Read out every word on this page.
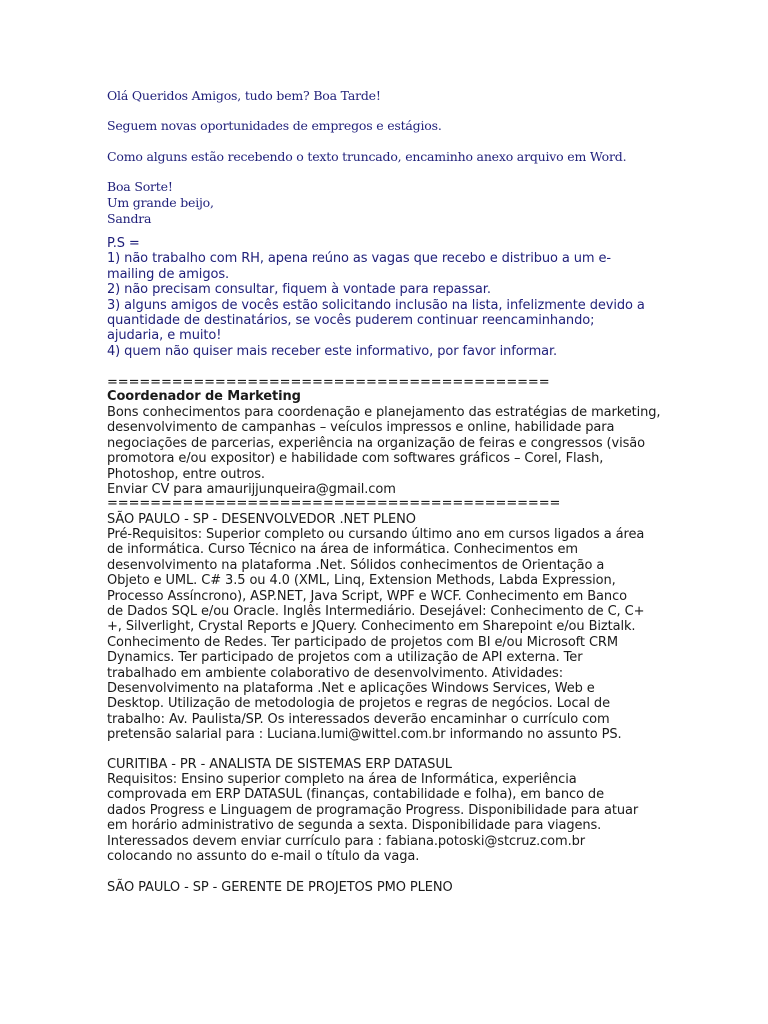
Olá Queridos Amigos, tudo bem? Boa Tarde!
Seguem novas oportunidades de empregos e estágios.
Como alguns estão recebendo o texto truncado, encaminho anexo arquivo em Word.
Boa Sorte!
Um grande beijo,
Sandra
P.S =
1) não trabalho com RH, apena reúno as vagas que recebo e distribuo a um e-
mailing de amigos.
2) não precisam consultar, fiquem à vontade para repassar.
3) alguns amigos de vocês estão solicitando inclusão na lista, infelizmente devido a
quantidade de destinatários, se vocês puderem continuar reencaminhando;
ajudaria, e muito!
4) quem não quiser mais receber este informativo, por favor informar.
=========================================
Coordenador de Marketing
Bons conhecimentos para coordenação e planejamento das estratégias de marketing,
desenvolvimento de campanhas – veículos impressos e online, habilidade para
negociações de parcerias, experiência na organização de feiras e congressos (visão
promotora e/ou expositor) e habilidade com softwares gráficos – Corel, Flash,
Photoshop, entre outros.
Enviar CV para amaurijjunqueira@gmail.com
==========================================
SÃO PAULO - SP - DESENVOLVEDOR .NET PLENO
Pré-Requisitos: Superior completo ou cursando último ano em cursos ligados a área
de informática. Curso Técnico na área de informática. Conhecimentos em
desenvolvimento na plataforma .Net. Sólidos conhecimentos de Orientação a
Objeto e UML. C# 3.5 ou 4.0 (XML, Linq, Extension Methods, Labda Expression,
Processo Assíncrono), ASP.NET, Java Script, WPF e WCF. Conhecimento em Banco
de Dados SQL e/ou Oracle. Inglês Intermediário. Desejável: Conhecimento de C, C+
+, Silverlight, Crystal Reports e JQuery. Conhecimento em Sharepoint e/ou Biztalk.
Conhecimento de Redes. Ter participado de projetos com BI e/ou Microsoft CRM
Dynamics. Ter participado de projetos com a utilização de API externa. Ter
trabalhado em ambiente colaborativo de desenvolvimento. Atividades:
Desenvolvimento na plataforma .Net e aplicações Windows Services, Web e
Desktop. Utilização de metodologia de projetos e regras de negócios. Local de
trabalho: Av. Paulista/SP. Os interessados deverão encaminhar o currículo com
pretensão salarial para : Luciana.lumi@wittel.com.br informando no assunto PS.
CURITIBA - PR - ANALISTA DE SISTEMAS ERP DATASUL
Requisitos: Ensino superior completo na área de Informática, experiência
comprovada em ERP DATASUL (finanças, contabilidade e folha), em banco de
dados Progress e Linguagem de programação Progress. Disponibilidade para atuar
em horário administrativo de segunda a sexta. Disponibilidade para viagens.
Interessados devem enviar currículo para : fabiana.potoski@stcruz.com.br
colocando no assunto do e-mail o título da vaga.
SÃO PAULO - SP - GERENTE DE PROJETOS PMO PLENO
